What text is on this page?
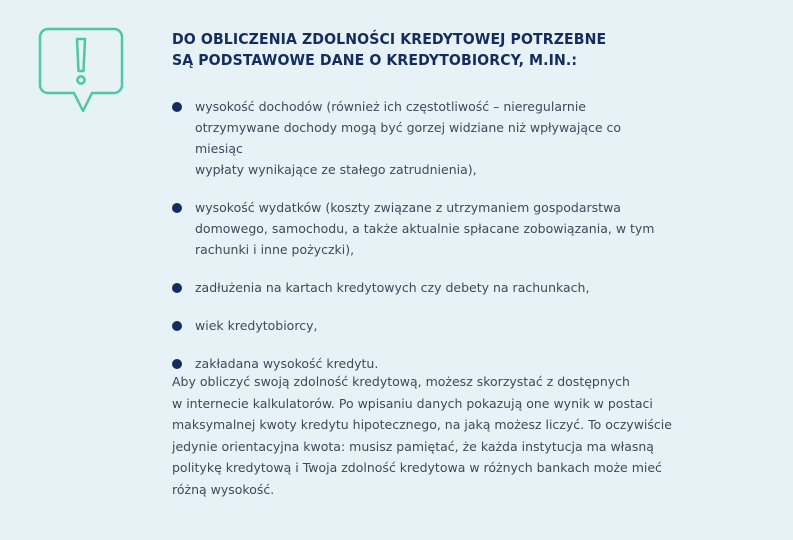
DO OBLICZENIA ZDOLNOŚCI KREDYTOWEJ POTRZEBNE
SĄ PODSTAWOWE DANE O KREDYTOBIORCY, M.IN.:
wysokość dochodów (również ich częstotliwość – nieregularnie
otrzymywane dochody mogą być gorzej widziane niż wpływające co miesiąc
wypłaty wynikające ze stałego zatrudnienia),
wysokość wydatków (koszty związane z utrzymaniem gospodarstwa
domowego, samochodu, a także aktualnie spłacane zobowiązania, w tym
rachunki i inne pożyczki),
zadłużenia na kartach kredytowych czy debety na rachunkach,
wiek kredytobiorcy,
zakładana wysokość kredytu.

Aby obliczyć swoją zdolność kredytową, możesz skorzystać z dostępnych
w internecie kalkulatorów. Po wpisaniu danych pokazują one wynik w postaci
maksymalnej kwoty kredytu hipotecznego, na jaką możesz liczyć. To oczywiście
jedynie orientacyjna kwota: musisz pamiętać, że każda instytucja ma własną
politykę kredytową i Twoja zdolność kredytowa w różnych bankach może mieć
różną wysokość.
